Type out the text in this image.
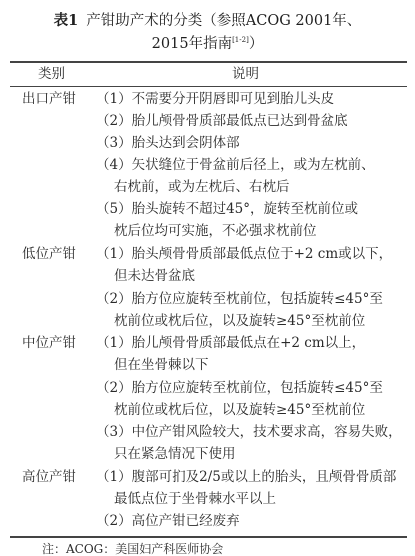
表1 产钳助产术的分类（参照ACOG 2001年、
2015年指南[1-2]）
类别	说明
出口产钳 （1）不需要分开阴唇即可见到胎儿头皮
（2）胎儿颅骨骨质部最低点已达到骨盆底
（3）胎头达到会阴体部
（4）矢状缝位于骨盆前后径上，或为左枕前、
右枕前，或为左枕后、右枕后
（5）胎头旋转不超过45°，旋转至枕前位或
枕后位均可实施，不必强求枕前位
低位产钳 （1）胎头颅骨骨质部最低点位于+2 cm或以下，
但未达骨盆底
（2）胎方位应旋转至枕前位，包括旋转≤45°至
枕前位或枕后位，以及旋转≥45°至枕前位
中位产钳 （1）胎儿颅骨骨质部最低点在+2 cm以上，
但在坐骨棘以下
（2）胎方位应旋转至枕前位，包括旋转≤45°至
枕前位或枕后位，以及旋转≥45°至枕前位
（3）中位产钳风险较大，技术要求高，容易失败，
只在紧急情况下使用
高位产钳 （1）腹部可扪及2/5或以上的胎头，且颅骨骨质部
最低点位于坐骨棘水平以上
（2）高位产钳已经废弃
注：ACOG：美国妇产科医师协会
